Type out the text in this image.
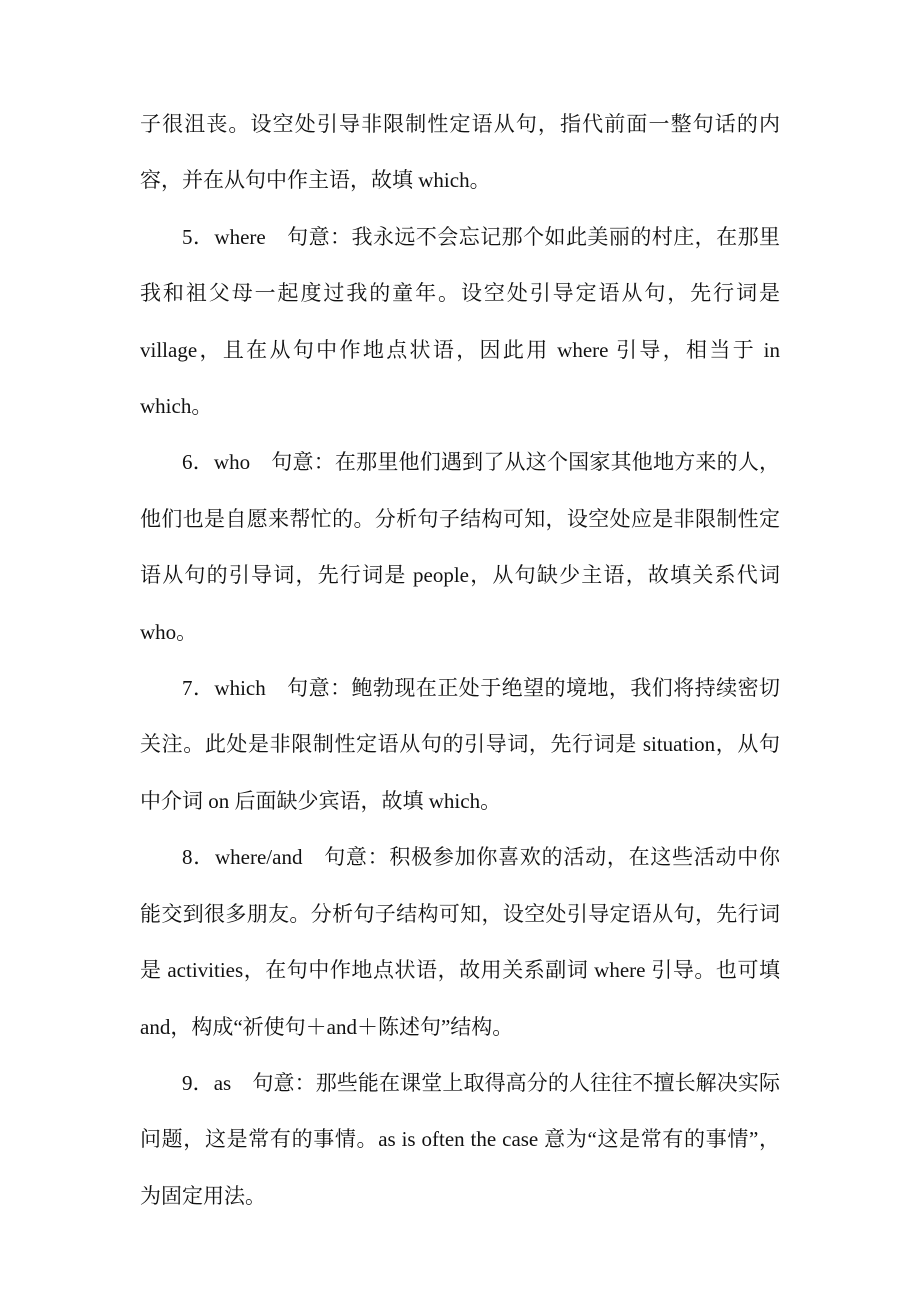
子很沮丧。设空处引导非限制性定语从句，指代前面一整句话的内容，并在从句中作主语，故填 which。

5．where 句意：我永远不会忘记那个如此美丽的村庄，在那里我和祖父母一起度过我的童年。设空处引导定语从句，先行词是 village，且在从句中作地点状语，因此用 where 引导，相当于 in which。

6．who 句意：在那里他们遇到了从这个国家其他地方来的人，他们也是自愿来帮忙的。分析句子结构可知，设空处应是非限制性定语从句的引导词，先行词是 people，从句缺少主语，故填关系代词 who。

7．which 句意：鲍勃现在正处于绝望的境地，我们将持续密切关注。此处是非限制性定语从句的引导词，先行词是 situation，从句中介词 on 后面缺少宾语，故填 which。

8．where/and 句意：积极参加你喜欢的活动，在这些活动中你能交到很多朋友。分析句子结构可知，设空处引导定语从句，先行词是 activities，在句中作地点状语，故用关系副词 where 引导。也可填 and，构成“祈使句＋and＋陈述句”结构。

9．as 句意：那些能在课堂上取得高分的人往往不擅长解决实际问题，这是常有的事情。as is often the case 意为“这是常有的事情”，为固定用法。
